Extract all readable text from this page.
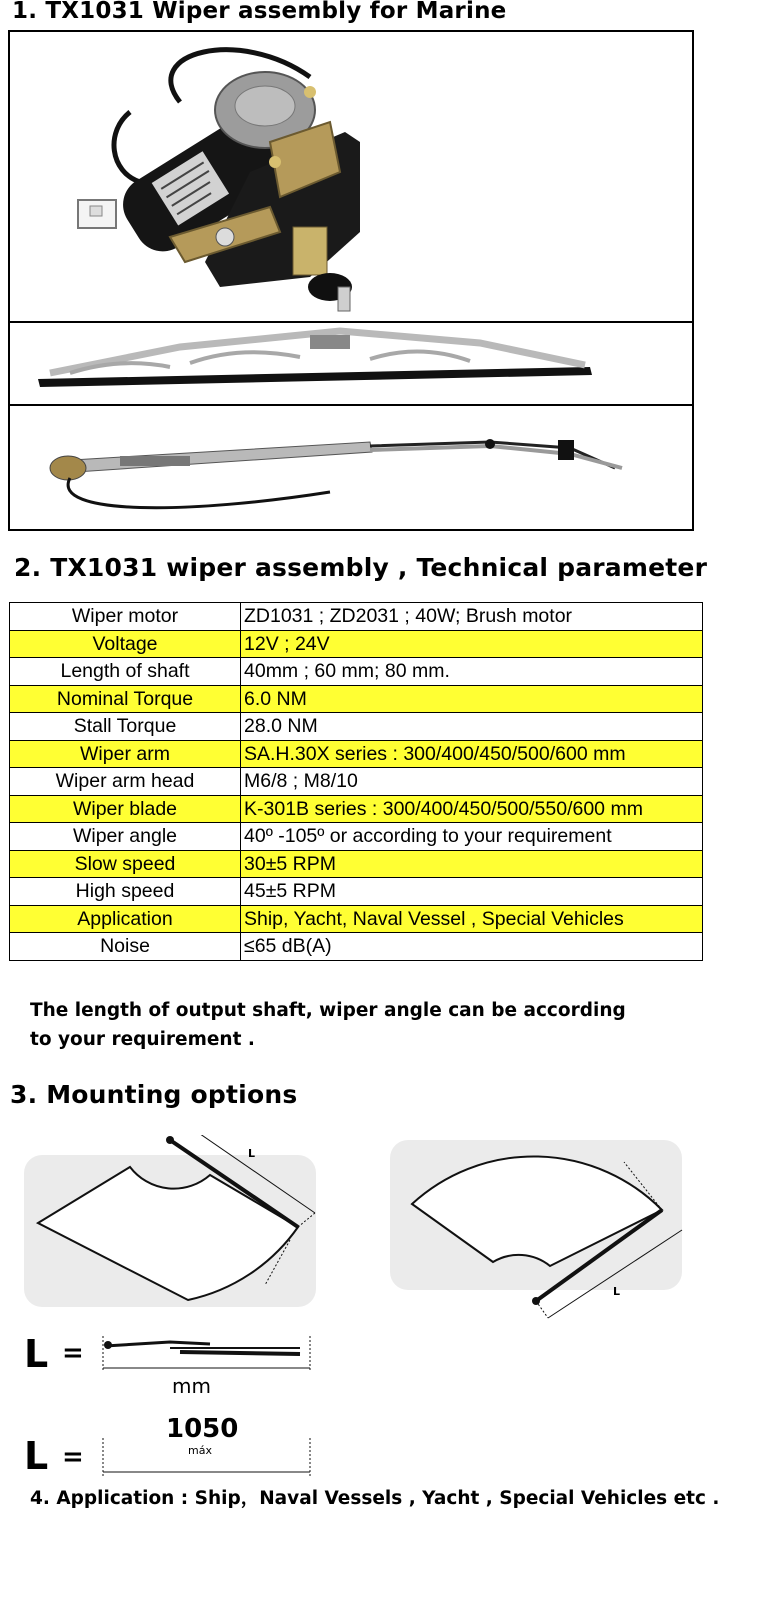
1. TX1031 Wiper assembly for Marine
2. TX1031 wiper assembly , Technical parameter
Wiper motor	ZD1031 ; ZD2031 ; 40W; Brush motor
Voltage	12V ; 24V
Length of shaft	40mm ; 60 mm; 80 mm.
Nominal Torque	6.0 NM
Stall Torque	28.0 NM
Wiper arm	SA.H.30X series : 300/400/450/500/600 mm
Wiper arm head	M6/8 ; M8/10
Wiper blade	K-301B series : 300/400/450/500/550/600 mm
Wiper angle	40º -105º or according to your requirement
Slow speed	30±5 RPM
High speed	45±5 RPM
Application	Ship, Yacht, Naval Vessel , Special Vehicles
Noise	≤65 dB(A)
The length of output shaft, wiper angle can be according
to your requirement .
3. Mounting options
L
L
L =
mm
1050
máx
L =
4. Application : Ship，Naval Vessels , Yacht , Special Vehicles etc .
